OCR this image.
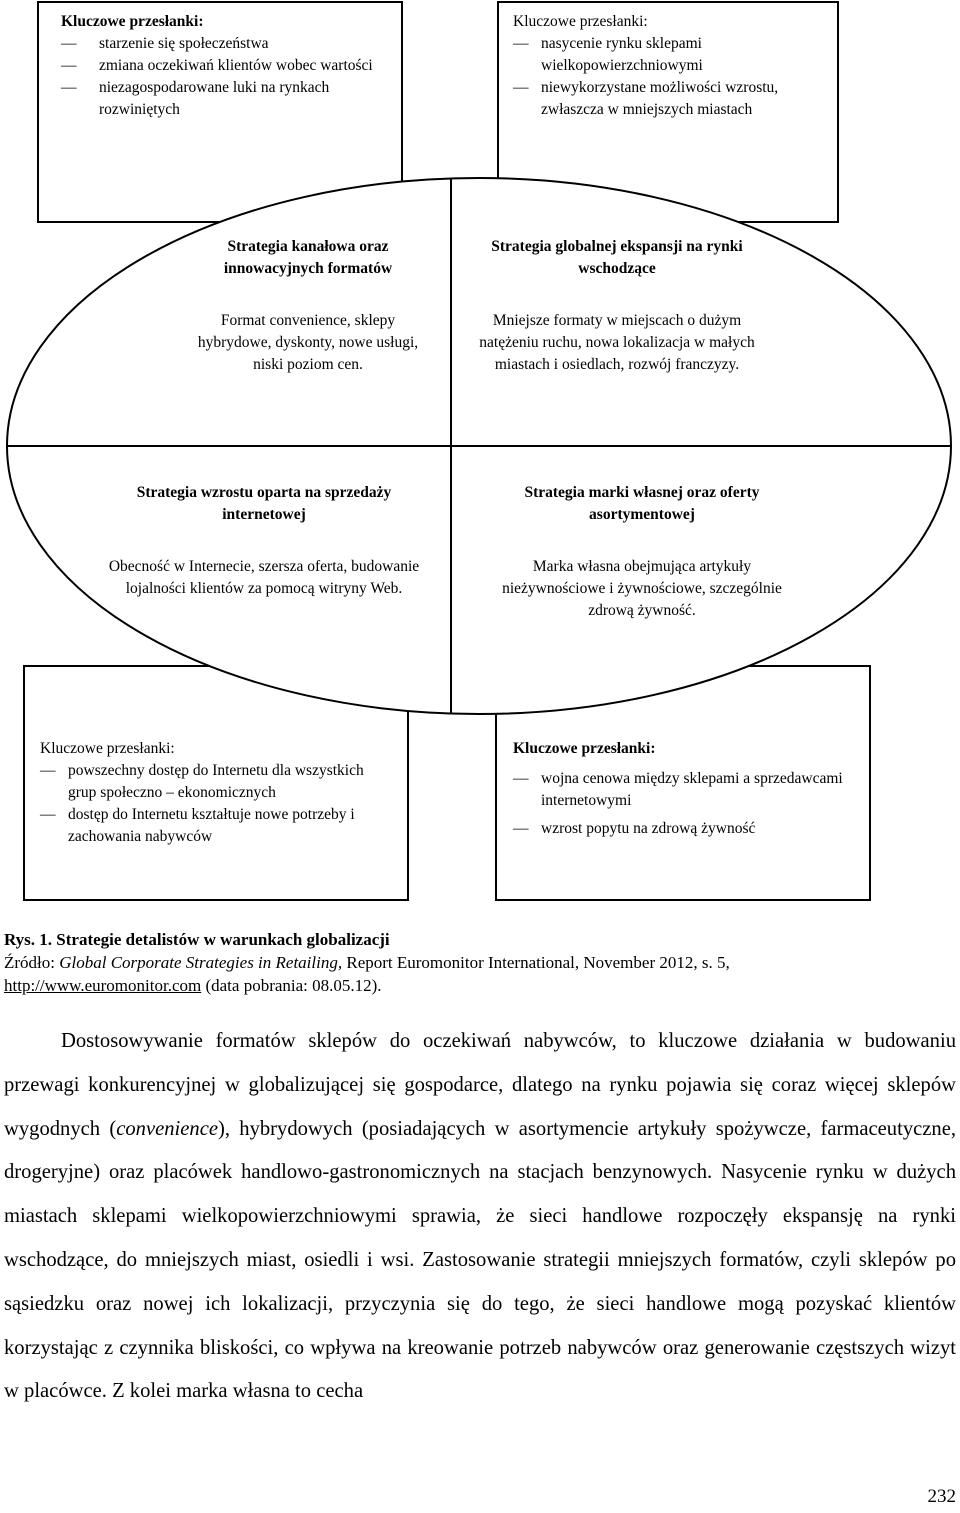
Kluczowe przesłanki:
— starzenie się społeczeństwa
— zmiana oczekiwań klientów wobec wartości
— niezagospodarowane luki na rynkach rozwiniętych
Kluczowe przesłanki:
— nasycenie rynku sklepami wielkopowierzchniowymi
— niewykorzystane możliwości wzrostu, zwłaszcza w mniejszych miastach

Strategia kanałowa oraz innowacyjnych formatów

Format convenience, sklepy hybrydowe, dyskonty, nowe usługi, niski poziom cen.

Strategia globalnej ekspansji na rynki wschodzące

Mniejsze formaty w miejscach o dużym natężeniu ruchu, nowa lokalizacja w małych miastach i osiedlach, rozwój franczyzy.

Strategia wzrostu oparta na sprzedaży internetowej

Obecność w Internecie, szersza oferta, budowanie lojalności klientów za pomocą witryny Web.

Strategia marki własnej oraz oferty asortymentowej

Marka własna obejmująca artykuły nieżywnościowe i żywnościowe, szczególnie zdrową żywność.

Kluczowe przesłanki:
— powszechny dostęp do Internetu dla wszystkich grup społeczno – ekonomicznych
— dostęp do Internetu kształtuje nowe potrzeby i zachowania nabywców
Kluczowe przesłanki:
— wojna cenowa między sklepami a sprzedawcami internetowymi
— wzrost popytu na zdrową żywność
Rys. 1. Strategie detalistów w warunkach globalizacji
Źródło: Global Corporate Strategies in Retailing, Report Euromonitor International, November 2012, s. 5,
http://www.euromonitor.com (data pobrania: 08.05.12).

Dostosowywanie formatów sklepów do oczekiwań nabywców, to kluczowe działania w budowaniu przewagi konkurencyjnej w globalizującej się gospodarce, dlatego na rynku pojawia się coraz więcej sklepów wygodnych (convenience), hybrydowych (posiadających w asortymencie artykuły spożywcze, farmaceutyczne, drogeryjne) oraz placówek handlowo-gastronomicznych na stacjach benzynowych. Nasycenie rynku w dużych miastach sklepami wielkopowierzchniowymi sprawia, że sieci handlowe rozpoczęły ekspansję na rynki wschodzące, do mniejszych miast, osiedli i wsi. Zastosowanie strategii mniejszych formatów, czyli sklepów po sąsiedzku oraz nowej ich lokalizacji, przyczynia się do tego, że sieci handlowe mogą pozyskać klientów korzystając z czynnika bliskości, co wpływa na kreowanie potrzeb nabywców oraz generowanie częstszych wizyt w placówce. Z kolei marka własna to cecha

232
